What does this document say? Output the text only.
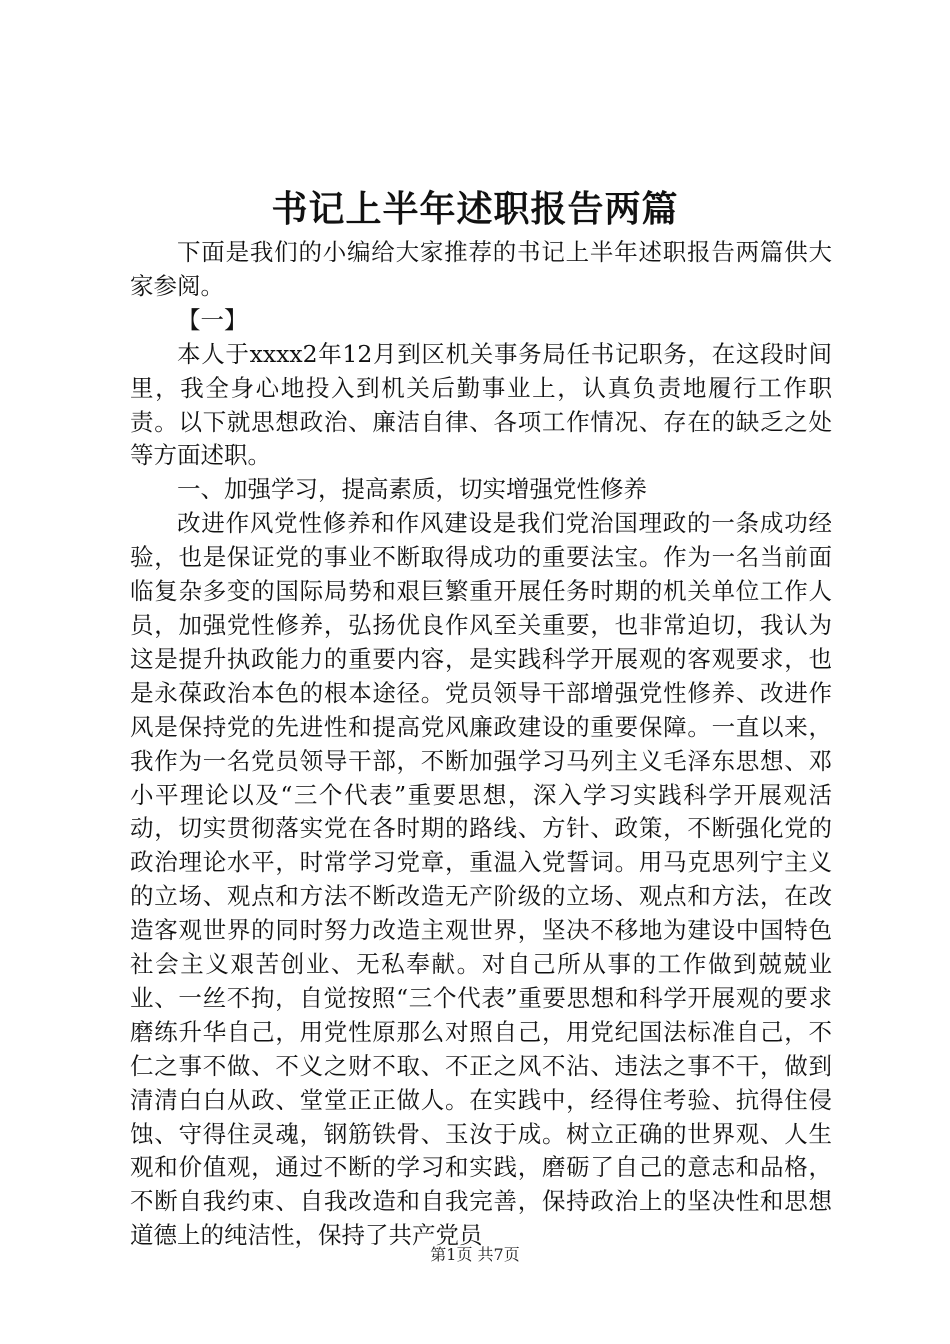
书记上半年述职报告两篇

下面是我们的小编给大家推荐的书记上半年述职报告两篇供大家参阅。

【一】

本人于xxxx2年12月到区机关事务局任书记职务，在这段时间里，我全身心地投入到机关后勤事业上，认真负责地履行工作职责。以下就思想政治、廉洁自律、各项工作情况、存在的缺乏之处等方面述职。

一、加强学习，提高素质，切实增强党性修养

改进作风党性修养和作风建设是我们党治国理政的一条成功经验，也是保证党的事业不断取得成功的重要法宝。作为一名当前面临复杂多变的国际局势和艰巨繁重开展任务时期的机关单位工作人员，加强党性修养，弘扬优良作风至关重要，也非常迫切，我认为这是提升执政能力的重要内容，是实践科学开展观的客观要求，也是永葆政治本色的根本途径。党员领导干部增强党性修养、改进作风是保持党的先进性和提高党风廉政建设的重要保障。一直以来，我作为一名党员领导干部，不断加强学习马列主义毛泽东思想、邓小平理论以及“三个代表”重要思想，深入学习实践科学开展观活动，切实贯彻落实党在各时期的路线、方针、政策，不断强化党的政治理论水平，时常学习党章，重温入党誓词。用马克思列宁主义的立场、观点和方法不断改造无产阶级的立场、观点和方法，在改造客观世界的同时努力改造主观世界，坚决不移地为建设中国特色社会主义艰苦创业、无私奉献。对自己所从事的工作做到兢兢业业、一丝不拘，自觉按照“三个代表”重要思想和科学开展观的要求磨练升华自己，用党性原那么对照自己，用党纪国法标准自己，不仁之事不做、不义之财不取、不正之风不沾、违法之事不干，做到清清白白从政、堂堂正正做人。在实践中，经得住考验、抗得住侵蚀、守得住灵魂，钢筋铁骨、玉汝于成。树立正确的世界观、人生观和价值观，通过不断的学习和实践，磨砺了自己的意志和品格，不断自我约束、自我改造和自我完善，保持政治上的坚决性和思想道德上的纯洁性，保持了共产党员

第1页 共7页
